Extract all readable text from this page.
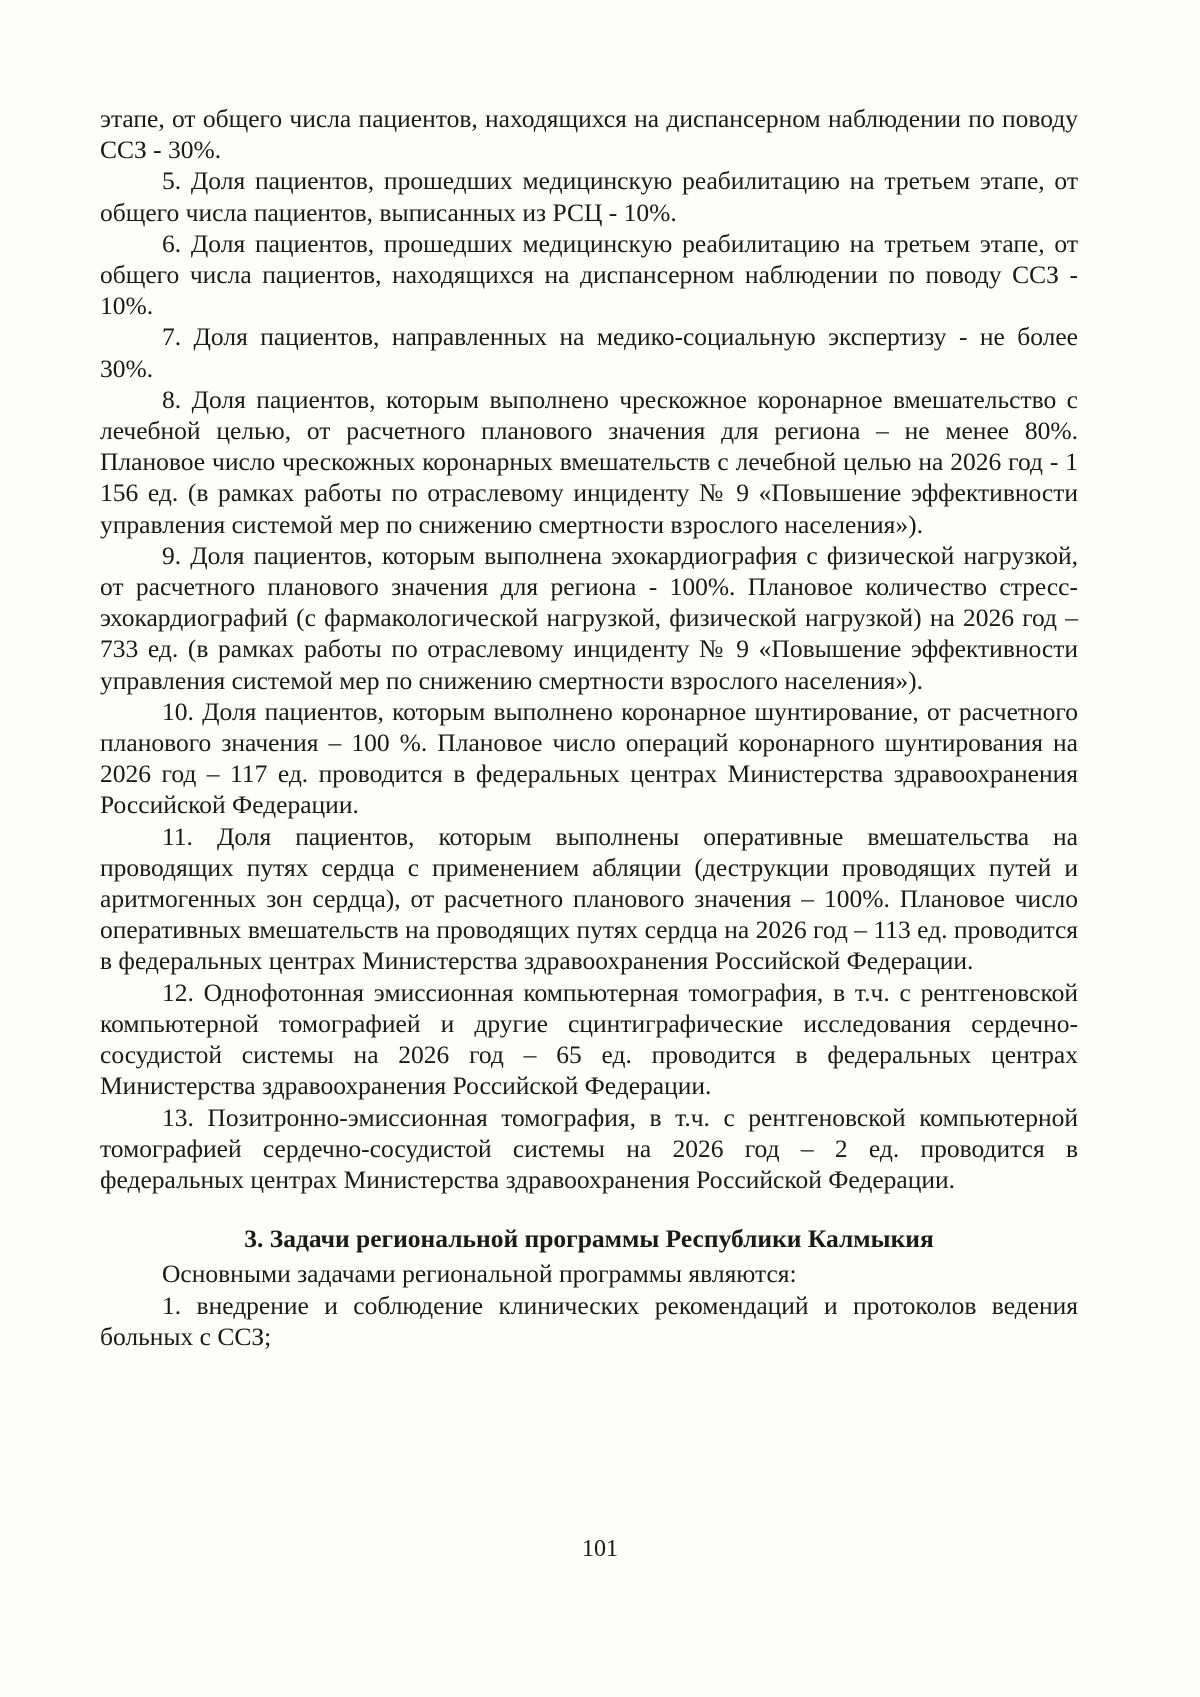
этапе, от общего числа пациентов, находящихся на диспансерном наблюдении по поводу ССЗ - 30%.

5. Доля пациентов, прошедших медицинскую реабилитацию на третьем этапе, от общего числа пациентов, выписанных из РСЦ - 10%.

6. Доля пациентов, прошедших медицинскую реабилитацию на третьем этапе, от общего числа пациентов, находящихся на диспансерном наблюдении по поводу ССЗ - 10%.

7. Доля пациентов, направленных на медико-социальную экспертизу - не более 30%.

8. Доля пациентов, которым выполнено чрескожное коронарное вмешательство с лечебной целью, от расчетного планового значения для региона – не менее 80%. Плановое число чрескожных коронарных вмешательств с лечебной целью на 2026 год - 1 156 ед. (в рамках работы по отраслевому инциденту № 9 «Повышение эффективности управления системой мер по снижению смертности взрослого населения»).

9. Доля пациентов, которым выполнена эхокардиография с физической нагрузкой, от расчетного планового значения для региона - 100%. Плановое количество стресс-эхокардиографий (с фармакологической нагрузкой, физической нагрузкой) на 2026 год – 733 ед. (в рамках работы по отраслевому инциденту № 9 «Повышение эффективности управления системой мер по снижению смертности взрослого населения»).

10. Доля пациентов, которым выполнено коронарное шунтирование, от расчетного планового значения – 100 %. Плановое число операций коронарного шунтирования на 2026 год – 117 ед. проводится в федеральных центрах Министерства здравоохранения Российской Федерации.

11. Доля пациентов, которым выполнены оперативные вмешательства на проводящих путях сердца с применением абляции (деструкции проводящих путей и аритмогенных зон сердца), от расчетного планового значения – 100%. Плановое число оперативных вмешательств на проводящих путях сердца на 2026 год – 113 ед. проводится в федеральных центрах Министерства здравоохранения Российской Федерации.

12. Однофотонная эмиссионная компьютерная томография, в т.ч. с рентгеновской компьютерной томографией и другие сцинтиграфические исследования сердечно-сосудистой системы на 2026 год – 65 ед. проводится в федеральных центрах Министерства здравоохранения Российской Федерации.

13. Позитронно-эмиссионная томография, в т.ч. с рентгеновской компьютерной томографией сердечно-сосудистой системы на 2026 год – 2 ед. проводится в федеральных центрах Министерства здравоохранения Российской Федерации.

3. Задачи региональной программы Республики Калмыкия

Основными задачами региональной программы являются:

1. внедрение и соблюдение клинических рекомендаций и протоколов ведения больных с ССЗ;

101
